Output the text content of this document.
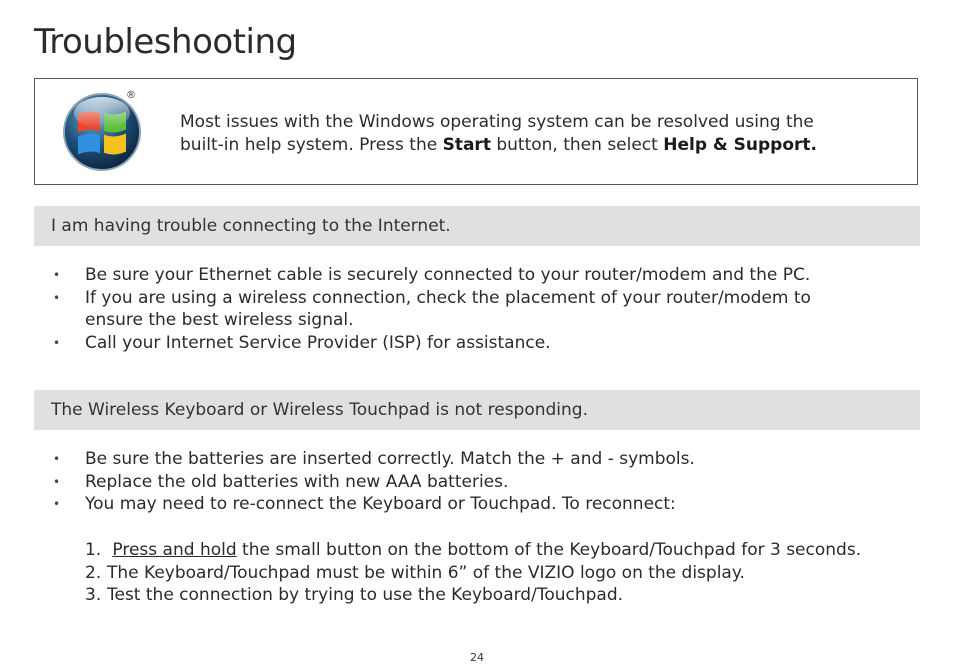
Troubleshooting
®
Most issues with the Windows operating system can be resolved using the
built-in help system. Press the Start button, then select Help & Support.
I am having trouble connecting to the Internet.
• Be sure your Ethernet cable is securely connected to your router/modem and the PC.
• If you are using a wireless connection, check the placement of your router/modem to
ensure the best wireless signal.
• Call your Internet Service Provider (ISP) for assistance.
The Wireless Keyboard or Wireless Touchpad is not responding.
• Be sure the batteries are inserted correctly. Match the + and - symbols.
• Replace the old batteries with new AAA batteries.
• You may need to re-connect the Keyboard or Touchpad. To reconnect:
1. Press and hold the small button on the bottom of the Keyboard/Touchpad for 3 seconds.
2. The Keyboard/Touchpad must be within 6” of the VIZIO logo on the display.
3. Test the connection by trying to use the Keyboard/Touchpad.
24
